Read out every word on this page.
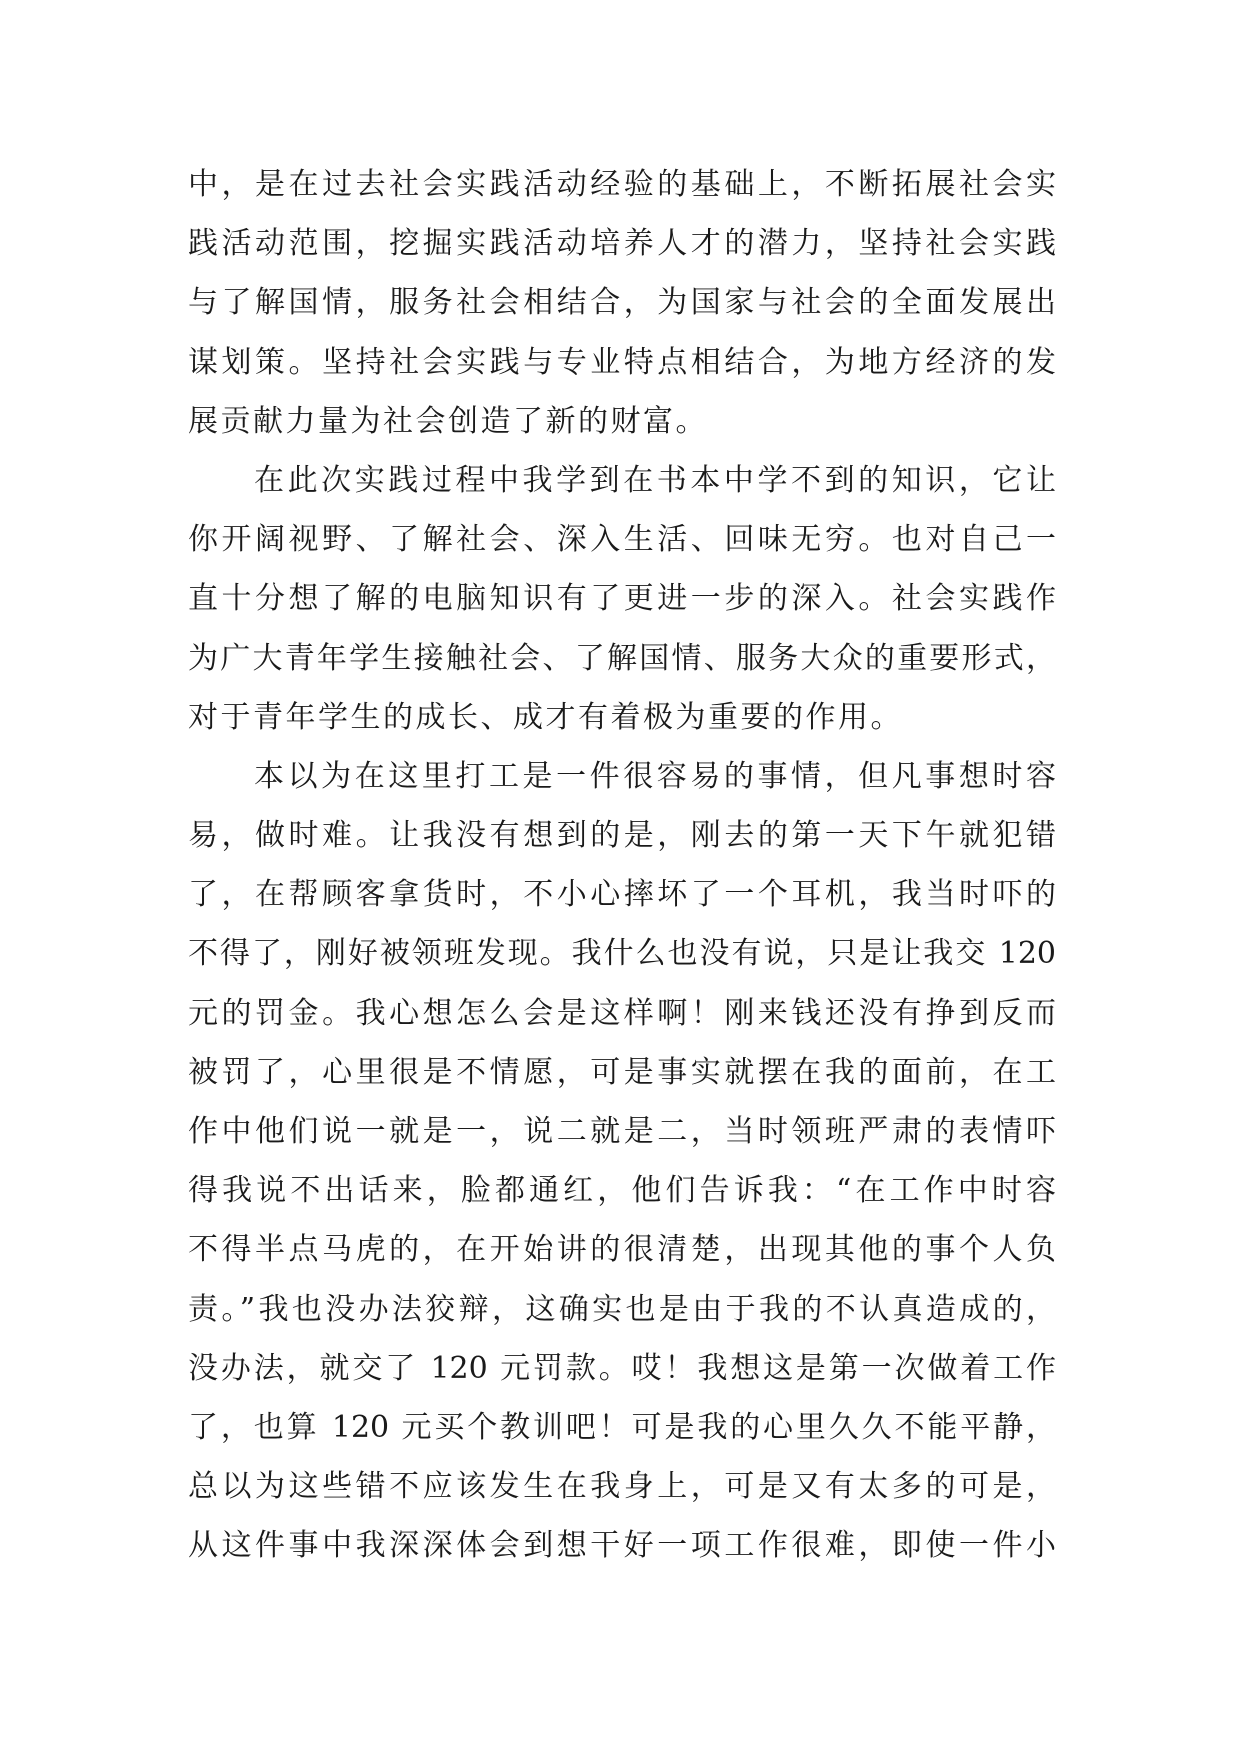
中，是在过去社会实践活动经验的基础上，不断拓展社会实
践活动范围，挖掘实践活动培养人才的潜力，坚持社会实践
与了解国情，服务社会相结合，为国家与社会的全面发展出
谋划策。坚持社会实践与专业特点相结合，为地方经济的发
展贡献力量为社会创造了新的财富。
在此次实践过程中我学到在书本中学不到的知识，它让
你开阔视野、了解社会、深入生活、回味无穷。也对自己一
直十分想了解的电脑知识有了更进一步的深入。社会实践作
为广大青年学生接触社会、了解国情、服务大众的重要形式，
对于青年学生的成长、成才有着极为重要的作用。
本以为在这里打工是一件很容易的事情，但凡事想时容
易，做时难。让我没有想到的是，刚去的第一天下午就犯错
了，在帮顾客拿货时，不小心摔坏了一个耳机，我当时吓的
不得了，刚好被领班发现。我什么也没有说，只是让我交 120
元的罚金。我心想怎么会是这样啊！刚来钱还没有挣到反而
被罚了，心里很是不情愿，可是事实就摆在我的面前，在工
作中他们说一就是一，说二就是二，当时领班严肃的表情吓
得我说不出话来，脸都通红，他们告诉我：“在工作中时容
不得半点马虎的，在开始讲的很清楚，出现其他的事个人负
责。”我也没办法狡辩，这确实也是由于我的不认真造成的，
没办法，就交了 120 元罚款。哎！我想这是第一次做着工作
了，也算 120 元买个教训吧！可是我的心里久久不能平静，
总以为这些错不应该发生在我身上，可是又有太多的可是，
从这件事中我深深体会到想干好一项工作很难，即使一件小
